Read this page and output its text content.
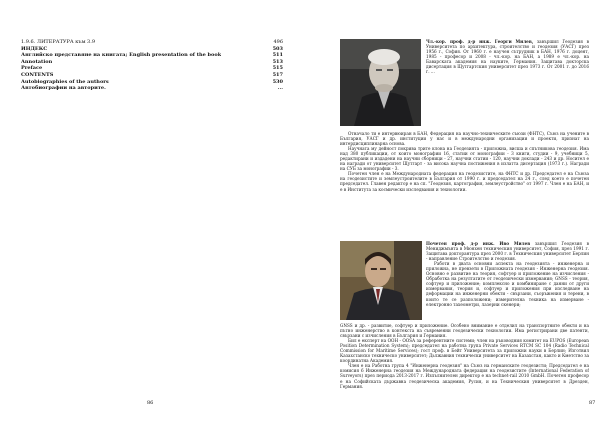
1.9.6. ЛИТЕРАТУРА към 3.9	496
ИНДЕКС	503
Английско представяне на книгата; English presentation of the book	511
Annotation	513
Preface	515
CONTENTS	517
Autobiographies of the authors	530
Автобиографии на авторите.	...
86

Чл.-кор. проф. д-р инж. Георги Милев, завършил Геодезия в Университета по архитектура, строителство и геодезия (УАСГ) през 1956 г., София. От 1960 г. е научен сътрудник в БАН, 1976 г. доцент, 1985 - професор и 2008 - чл.-кор. на БАН, а 1989 е чл.-кор. на Баварската академия на науките, Германия. Защитава докторска дисертация в Щутгартския университет през 1973 г. От 2001 г. до 2016 г. ...

Отначало ти е интервюиран в БАН, Федерация на научно-техническите съюзи (ФНТС), Съюз на учените в България, УАСГ и др. институции у нас и в международни организации и проекти, признат на интердисциплинарна основа.

Научната му дейност покрива трите клона на Геодезията - приложна, висша и спътникова геодезия. Има над 380 публикации, от които монографии 16, статии от монографии - 3 книги, студии - 9, учебници 5, редактирани и издадени на научни сборници - 27, научни статии - 120, научни доклади - 243 и др. Носител е на награди от университет Щутгарт - за висока научна постижения в излатта дисертация (1973 г.). Награди на СУБ за монографии - 3.

Почетен член е на Международната федерация на геодезистите, на ФНТС и др. Председател е на Съюза на геодезистите и землеустроителите в България от 1990 г. и председател на 24 г., след което е почетен председател. Главен редактор е на сп. "Геодезия, картография, землеустройство" от 1997 г. Член е на БАН, и е в Института за космически изследвания и технологии.

Почетен проф. д-р инж. Иво Милев завършил Геодезия в Мениджмънта в Мюнхен техническия университет, София, през 1991 г. Защитава докторантура през 2000 г. в Техническия университет Берлин - направление Строителство и геодезия.

Работи в двата основни аспекта на геодезията - инженерна и приложна, не превзети в Приложната геодезия - Инженерна геодезия. Основно е развитие на теория, софтуер и приложение на изчисления - Обработка на резултатите от геодезически измервания; GNSS - теория, софтуер и приложение; комплексно и комбиниране с данни от други измервания, теория и, софтуер и приложения при изследване на деформации на инженерни обекти - свързани, съоръжения и терени, в които те се разположени; измерителна техника на измерване - електронно тахеометри, лазерни скенери;

GNSS и др. - развитие, софтуер и приложение. Особено внимание е отделил на транспортните обекти и на пътно инженерство в контекста на съвременни геодезически технологии. Има регистрирани две патенти, свързани с изчисления в България и Германия.

Бил е експерт на ООН - ООSА за референтните системи; член на ръководния комитет на EUPOS (European Position Determination System); председател на работна група Private Services RTCM SC 104 (Radio Technical Commission for Maritime Services); гост проф. в Бейт Университета за приложни науки в Берлин; Изготвил Казахстанско техническо университет; Дьлжавния технически университет на Казахстан, както и Кметство за координатна Академия.

Член е на Работна група 4 "Инженерна геодезия" на Съюз на германските геодезисти; Председател е на комисия 6 Инженерна геодезия на Международната федерация на геодезистите (International Federation of Surveyors) през периода 2013-2017 г. Изпълнителен директор е на technet-rail 2010 GmbH. Почетен професор е на Софийската държавна геодезическа академия, Русия, и на Техническия университет в Дрезден, Германия.

87
